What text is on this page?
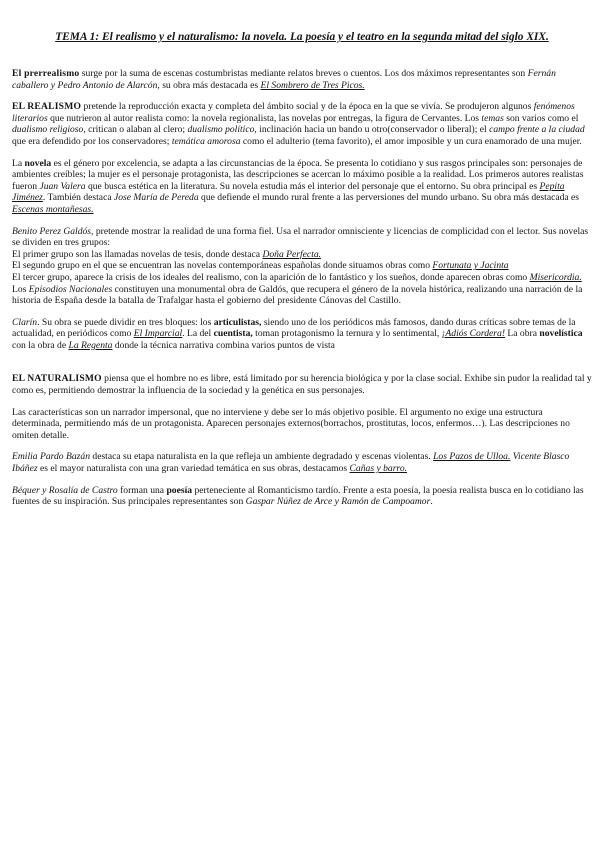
TEMA 1: El realismo y el naturalismo: la novela. La poesía y el teatro en la segunda mitad del siglo XIX.

El prerrealismo surge por la suma de escenas costumbristas mediante relatos breves o cuentos. Los dos máximos representantes son Fernán caballero y Pedro Antonio de Alarcón, su obra más destacada es El Sombrero de Tres Picos.

EL REALISMO pretende la reproducción exacta y completa del ámbito social y de la época en la que se vivía. Se produjeron algunos fenómenos literarios que nutrieron al autor realista como: la novela regionalista, las novelas por entregas, la figura de Cervantes. Los temas son varios como el dualismo religioso, critican o alaban al clero; dualismo político, inclinación hacia un bando u otro(conservador o liberal); el campo frente a la ciudad que era defendido por los conservadores; temática amorosa como el adulterio (tema favorito), el amor imposible y un cura enamorado de una mujer.

La novela es el género por excelencia, se adapta a las circunstancias de la época. Se presenta lo cotidiano y sus rasgos principales son: personajes de ambientes creíbles; la mujer es el personaje protagonista, las descripciones se acercan lo máximo posible a la realidad. Los primeros autores realistas fueron Juan Valera que busca estética en la literatura. Su novela estudia más el interior del personaje que el entorno. Su obra principal es Pepita Jiménez. También destaca Jose María de Pereda que defiende el mundo rural frente a las perversiones del mundo urbano. Su obra más destacada es Escenas montañesas.

Benito Perez Galdós, pretende mostrar la realidad de una forma fiel. Usa el narrador omnisciente y licencias de complicidad con el lector. Sus novelas se dividen en tres grupos:
El primer grupo son las llamadas novelas de tesis, donde destaca Doña Perfecta.
El segundo grupo en el que se encuentran las novelas contemporáneas españolas donde situamos obras como Fortunata y Jacinta
El tercer grupo, aparece la crisis de los ideales del realismo, con la aparición de lo fantástico y los sueños, donde aparecen obras como Misericordia.
Los Episodios Nacionales constituyen una monumental obra de Galdós, que recupera el género de la novela histórica, realizando una narración de la historia de España desde la batalla de Trafalgar hasta el gobierno del presidente Cánovas del Castillo.

Clarín. Su obra se puede dividir en tres bloques: los articulistas, siendo uno de los periódicos más famosos, dando duras críticas sobre temas de la actualidad, en periódicos como El Imparcial. La del cuentista, toman protagonismo la ternura y lo sentimental, ¡Adiós Cordera! La obra novelística con la obra de La Regenta donde la técnica narrativa combina varios puntos de vista

EL NATURALISMO piensa que el hombre no es libre, está limitado por su herencia biológica y por la clase social. Exhibe sin pudor la realidad tal y como es, permitiendo demostrar la influencia de la sociedad y la genética en sus personajes.

Las características son un narrador impersonal, que no interviene y debe ser lo más objetivo posible. El argumento no exige una estructura determinada, permitiendo más de un protagonista. Aparecen personajes externos(borrachos, prostitutas, locos, enfermos…). Las descripciones no omiten detalle.

Emilia Pardo Bazán destaca su etapa naturalista en la que refleja un ambiente degradado y escenas violentas. Los Pazos de Ulloa. Vicente Blasco Ibáñez es el mayor naturalista con una gran variedad temática en sus obras, destacamos Cañas y barro.

Béquer y Rosalía de Castro forman una poesía perteneciente al Romanticismo tardío. Frente a esta poesía, la poesía realista busca en lo cotidiano las fuentes de su inspiración. Sus principales representantes son Gaspar Núñez de Arce y Ramón de Campoamor.
